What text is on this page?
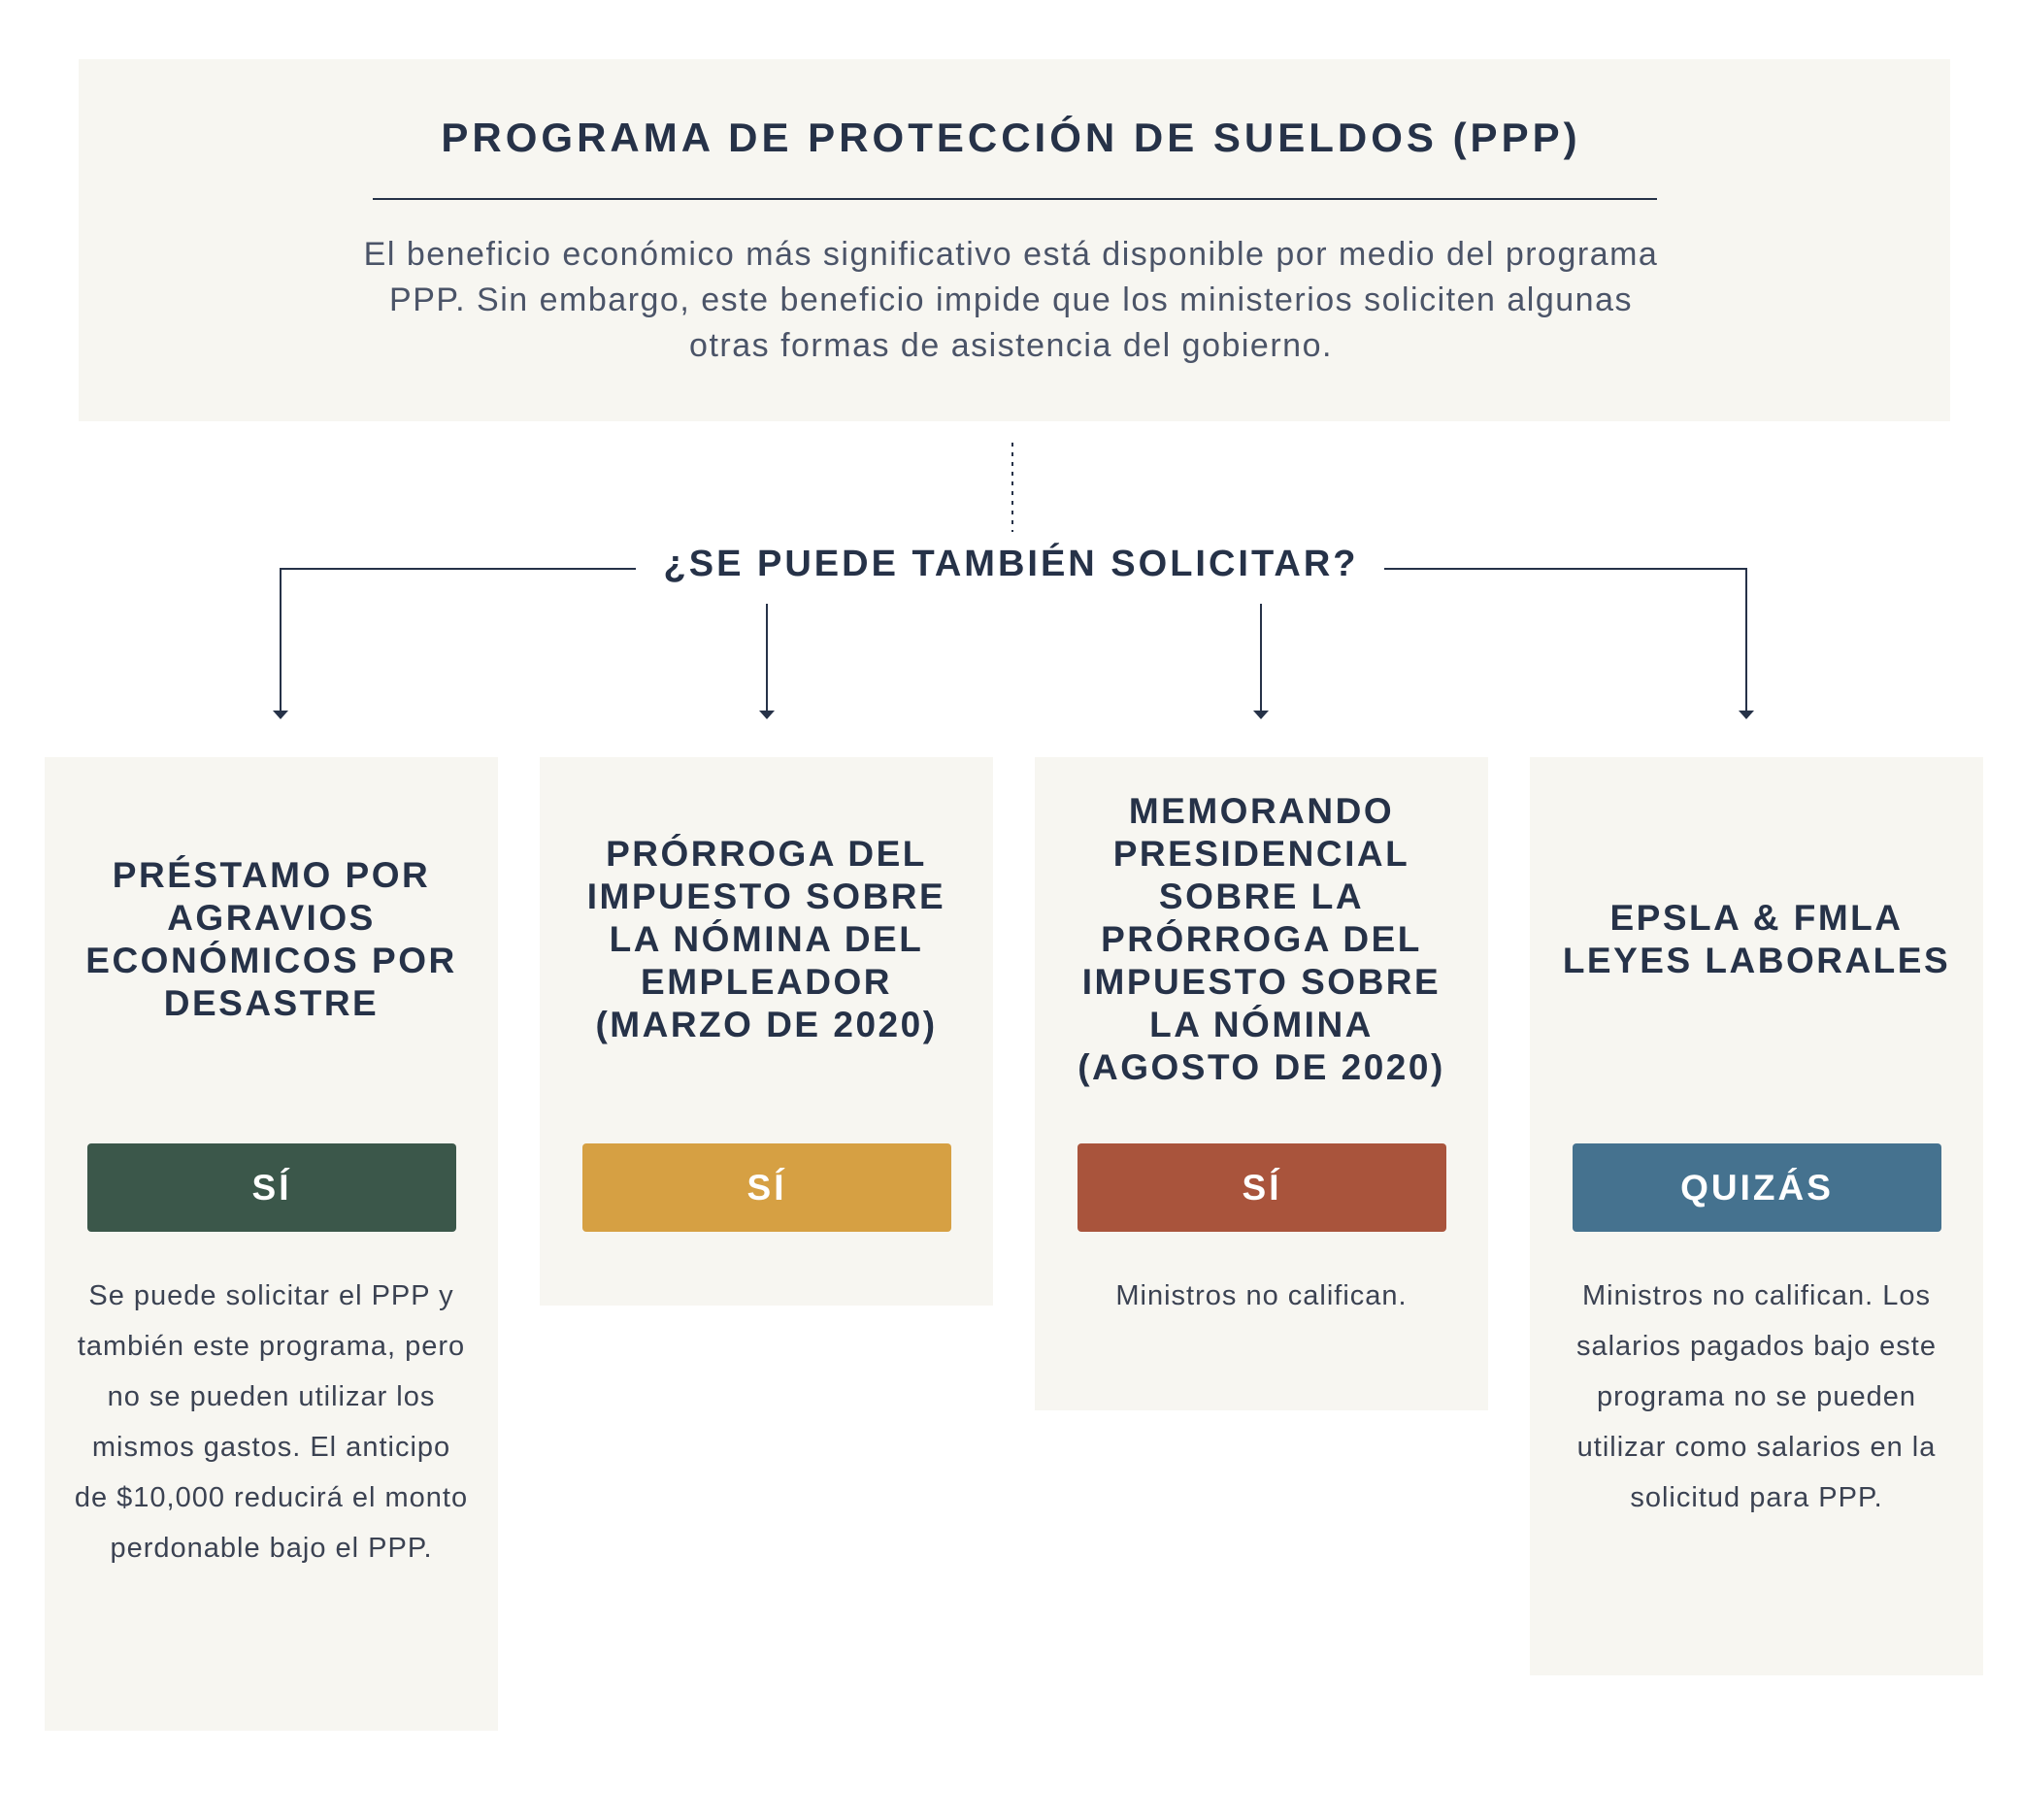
PROGRAMA DE PROTECCIÓN DE SUELDOS (PPP)

El beneficio económico más significativo está disponible por medio del programa PPP. Sin embargo, este beneficio impide que los ministerios soliciten algunas otras formas de asistencia del gobierno.

¿SE PUEDE TAMBIÉN SOLICITAR?
PRÉSTAMO POR AGRAVIOS ECONÓMICOS POR DESASTRE
SÍ

Se puede solicitar el PPP y también este programa, pero no se pueden utilizar los mismos gastos. El anticipo de $10,000 reducirá el monto perdonable bajo el PPP.

PRÓRROGA DEL IMPUESTO SOBRE LA NÓMINA DEL EMPLEADOR (MARZO DE 2020)
SÍ
MEMORANDO PRESIDENCIAL SOBRE LA PRÓRROGA DEL IMPUESTO SOBRE LA NÓMINA (AGOSTO DE 2020)
SÍ

Ministros no califican.

EPSLA & FMLA LEYES LABORALES
QUIZÁS

Ministros no califican. Los salarios pagados bajo este programa no se pueden utilizar como salarios en la solicitud para PPP.
